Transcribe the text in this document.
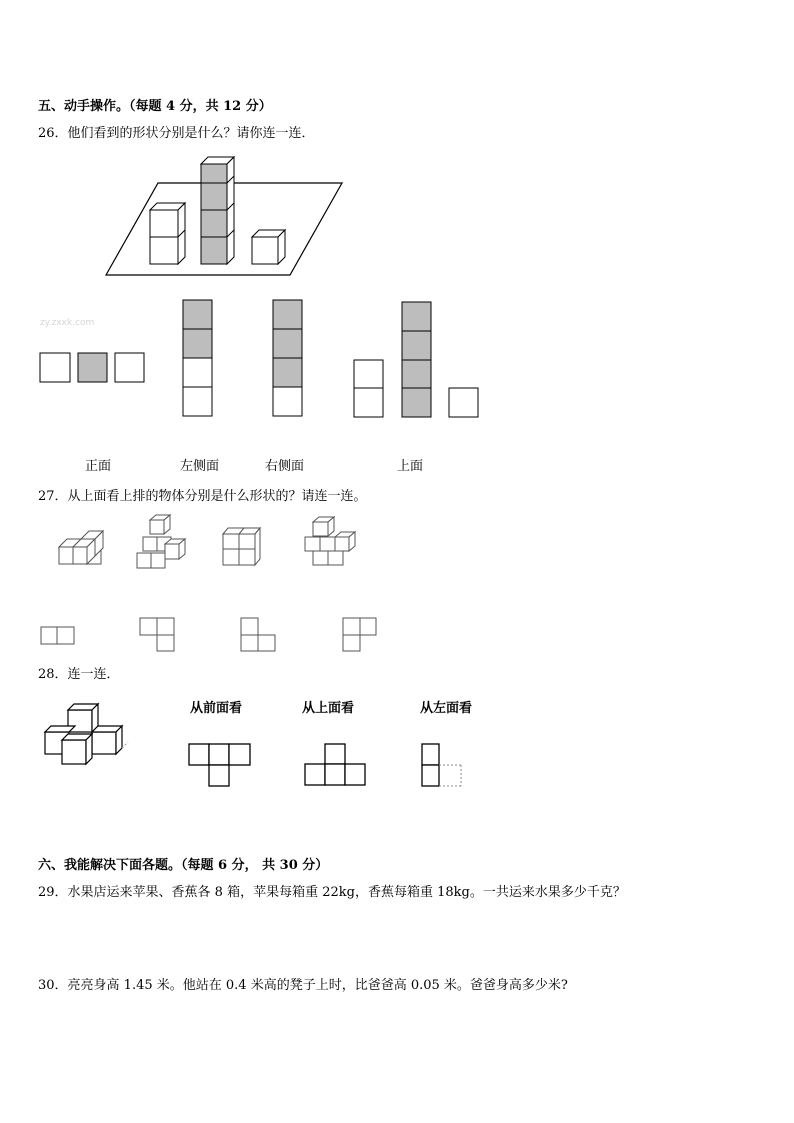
五、动手操作。（每题 4 分，共 12 分）
26．他们看到的形状分别是什么？请你连一连．
zy.zxxk.com
正面	左侧面	右侧面	上面
27．从上面看上排的物体分别是什么形状的？请连一连。
28．连一连．
从前面看	从上面看	从左面看
六、我能解决下面各题。（每题 6 分， 共 30 分）
29．水果店运来苹果、香蕉各 8 箱，苹果每箱重 22kg，香蕉每箱重 18kg。一共运来水果多少千克？
30．亮亮身高 1.45 米。他站在 0.4 米高的凳子上时，比爸爸高 0.05 米。爸爸身高多少米?
